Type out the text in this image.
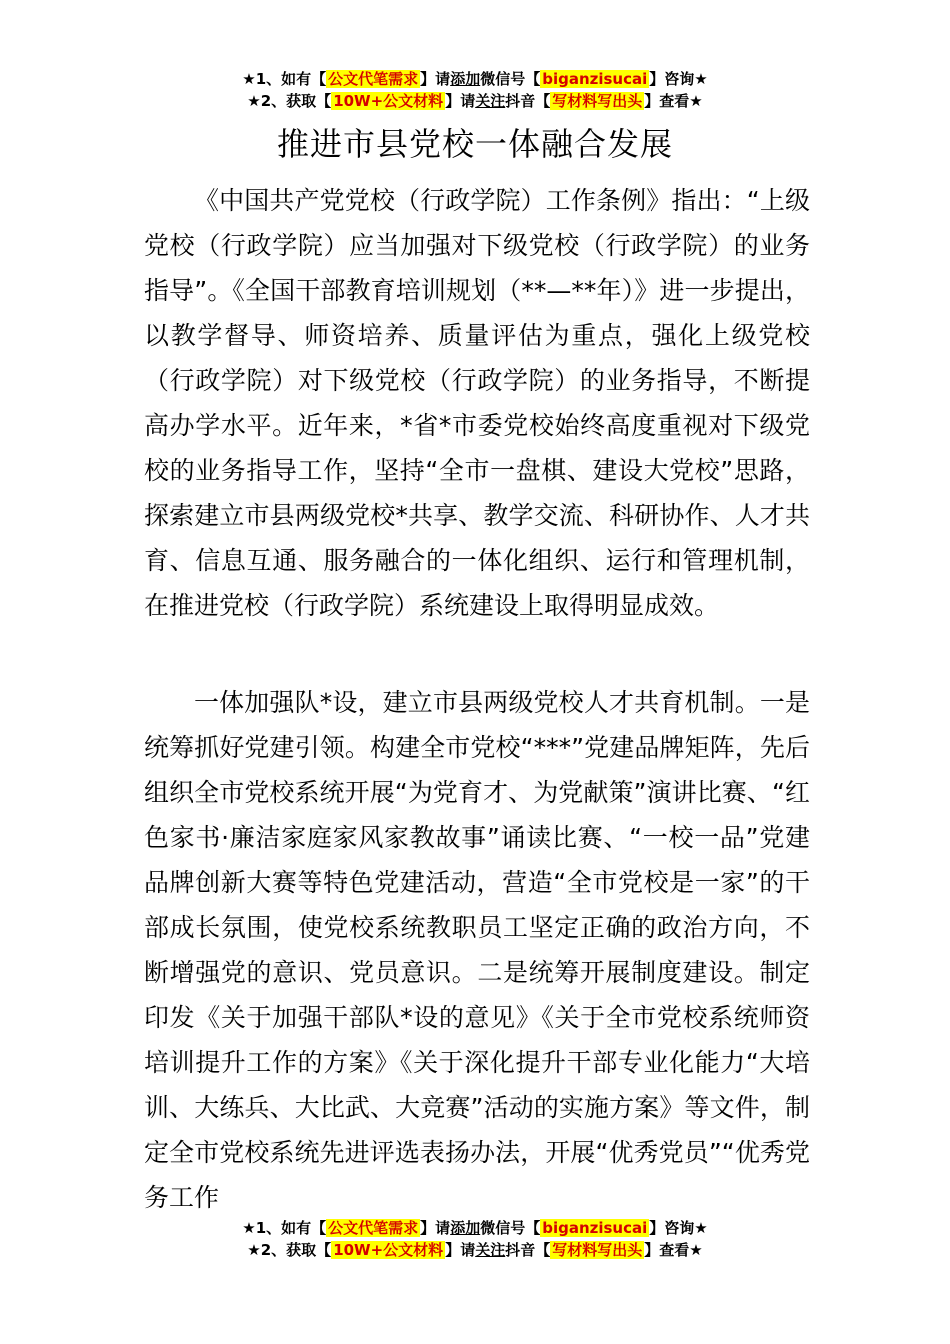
★1、如有【 公文代笔需求 】请添加微信号【 biganzisucai 】咨询★
★2、获取【 10W+公文材料 】请关注抖音【 写材料写出头 】查看★
推进市县党校一体融合发展

《中国共产党党校（行政学院）工作条例》指出：“上级党校（行政学院）应当加强对下级党校（行政学院）的业务指导”。《全国干部教育培训规划（**—**年）》进一步提出，以教学督导、师资培养、质量评估为重点，强化上级党校（行政学院）对下级党校（行政学院）的业务指导，不断提高办学水平。近年来，*省*市委党校始终高度重视对下级党校的业务指导工作，坚持“全市一盘棋、建设大党校”思路，探索建立市县两级党校*共享、教学交流、科研协作、人才共育、信息互通、服务融合的一体化组织、运行和管理机制，在推进党校（行政学院）系统建设上取得明显成效。

一体加强队*设，建立市县两级党校人才共育机制。一是统筹抓好党建引领。构建全市党校“***”党建品牌矩阵，先后组织全市党校系统开展“为党育才、为党献策”演讲比赛、“红色家书·廉洁家庭家风家教故事”诵读比赛、“一校一品”党建品牌创新大赛等特色党建活动，营造“全市党校是一家”的干部成长氛围，使党校系统教职员工坚定正确的政治方向，不断增强党的意识、党员意识。二是统筹开展制度建设。制定印发《关于加强干部队*设的意见》《关于全市党校系统师资培训提升工作的方案》《关于深化提升干部专业化能力“大培训、大练兵、大比武、大竞赛”活动的实施方案》等文件，制定全市党校系统先进评选表扬办法，开展“优秀党员”“优秀党务工作

★1、如有【 公文代笔需求 】请添加微信号【 biganzisucai 】咨询★
★2、获取【 10W+公文材料 】请关注抖音【 写材料写出头 】查看★
